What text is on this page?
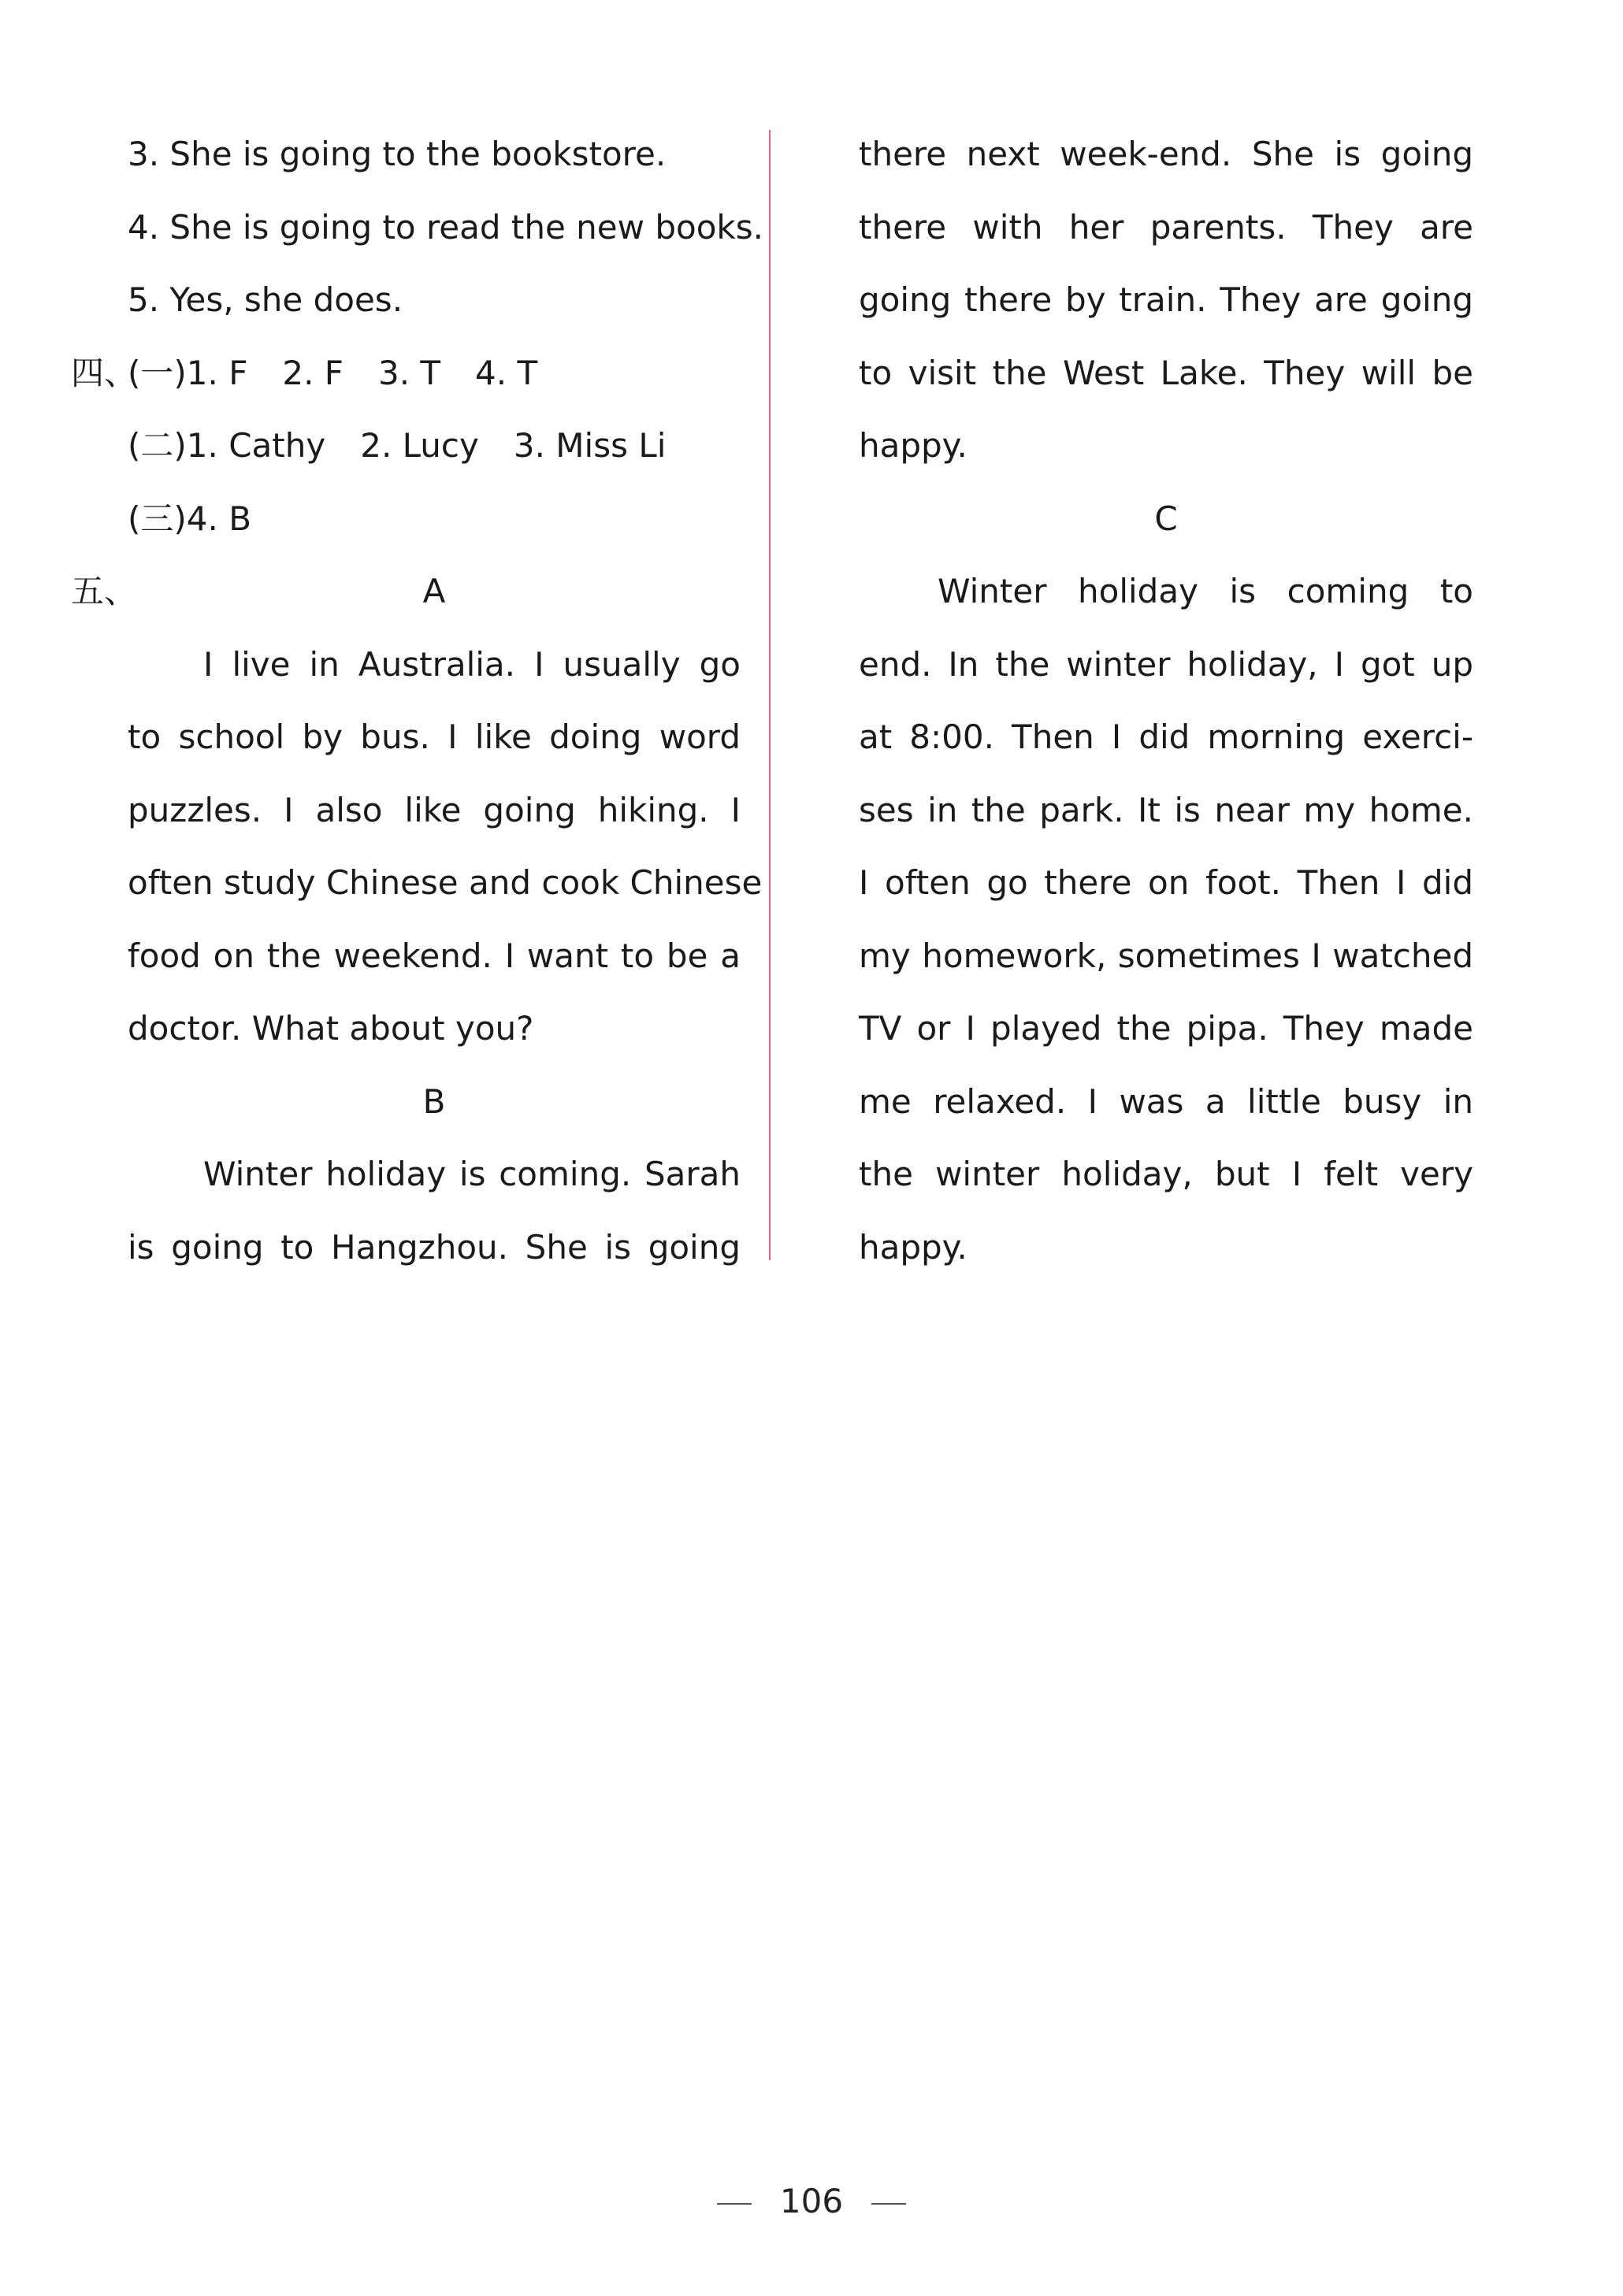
3. She is going to the bookstore.
4. She is going to read the new books.
5. Yes, she does.
四、(一)1. F 2. F 3. T 4. T
(二)1. Cathy 2. Lucy 3. Miss Li
(三)4. B
五、	A
I live in Australia. I usually go
to school by bus. I like doing word
puzzles. I also like going hiking. I
often study Chinese and cook Chinese
food on the weekend. I want to be a
doctor. What about you?
B
Winter holiday is coming. Sarah
is going to Hangzhou. She is going
there next week-end. She is going
there with her parents. They are
going there by train. They are going
to visit the West Lake. They will be
happy.
C
Winter holiday is coming to
end. In the winter holiday, I got up
at 8:00. Then I did morning exerci-
ses in the park. It is near my home.
I often go there on foot. Then I did
my homework, sometimes I watched
TV or I played the pipa. They made
me relaxed. I was a little busy in
the winter holiday, but I felt very
happy.
106
